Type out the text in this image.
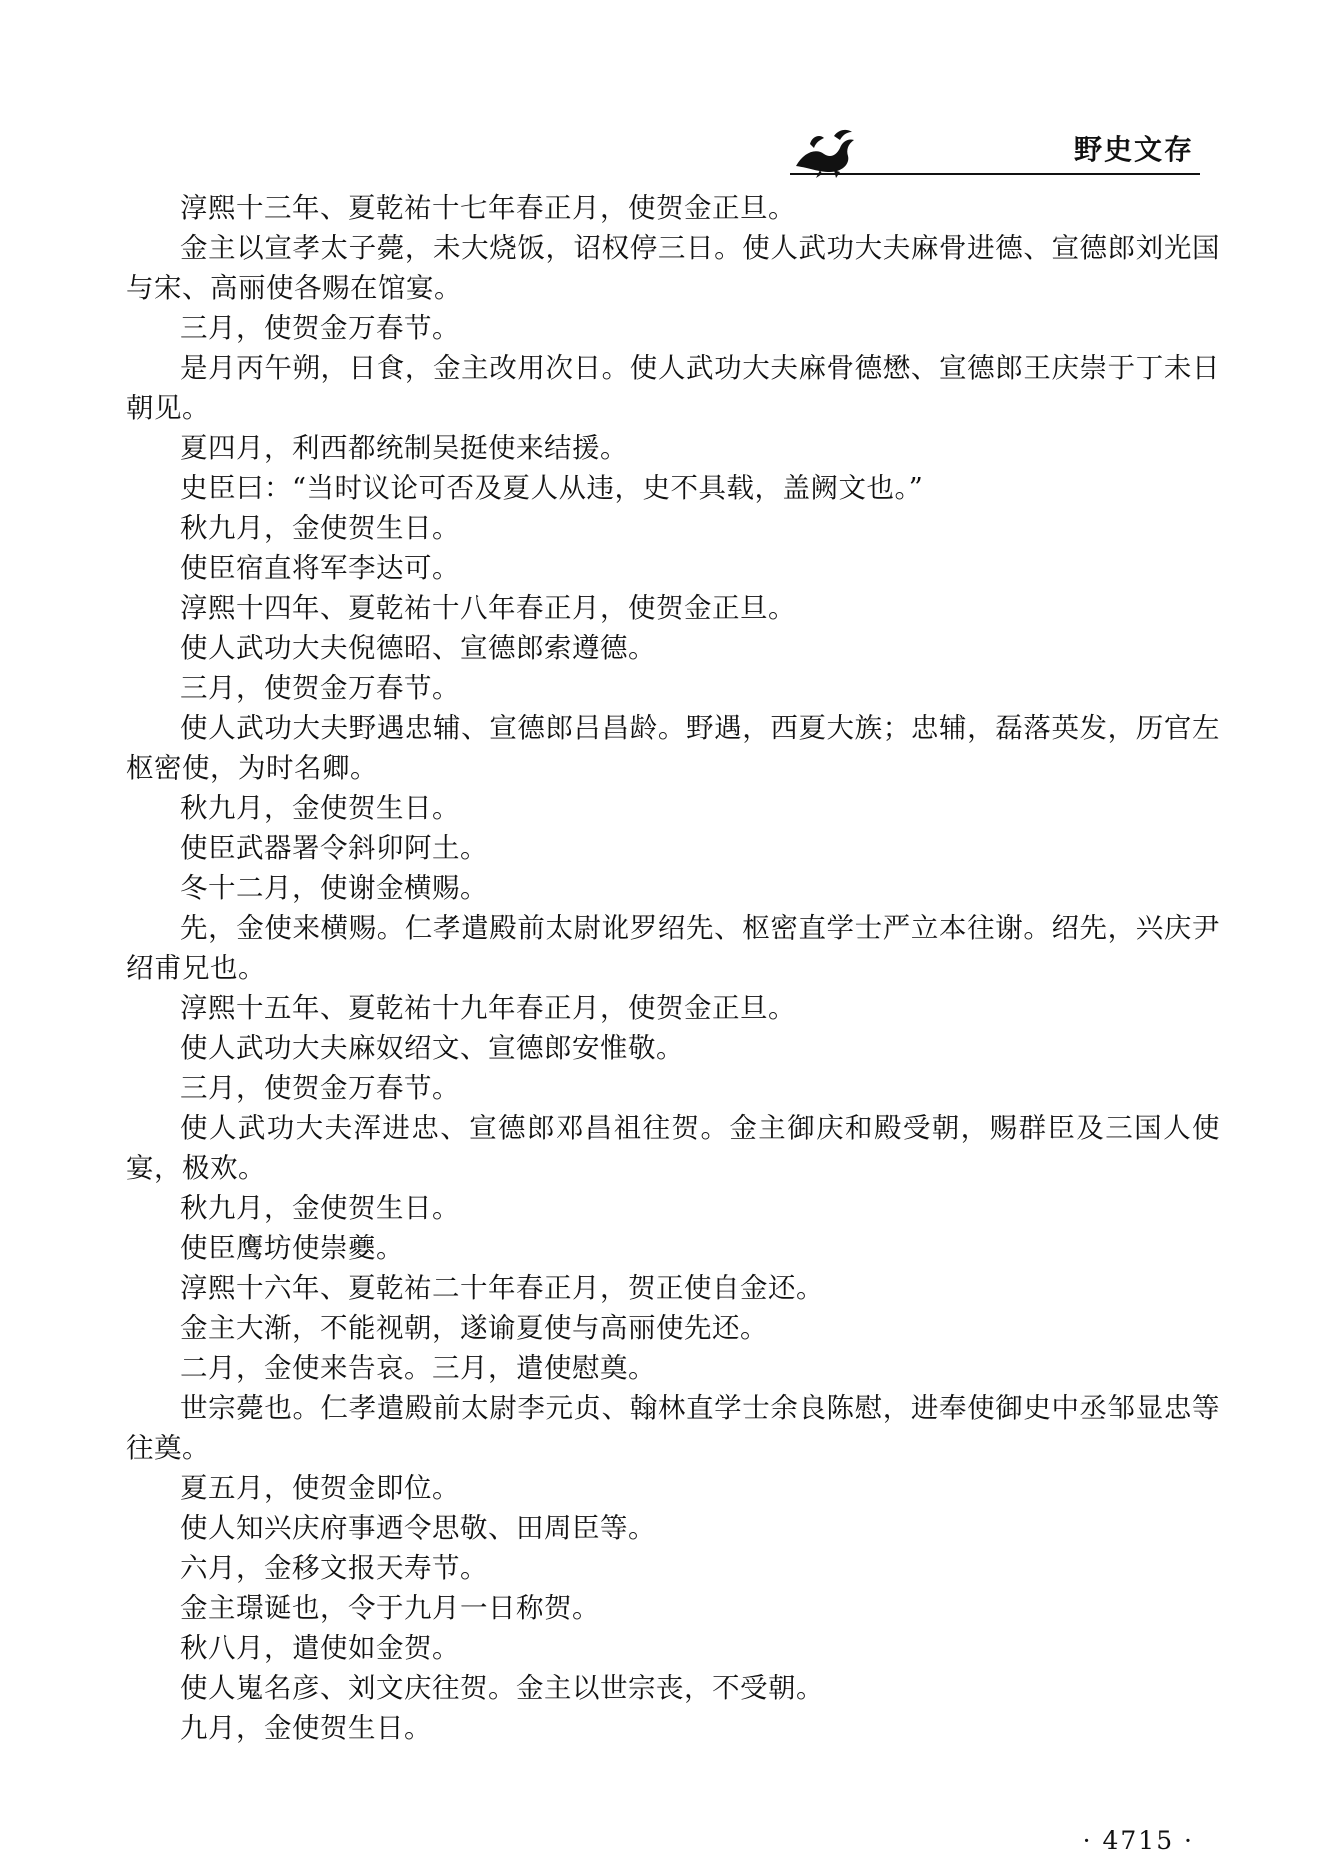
野史文存

淳熙十三年、夏乾祐十七年春正月，使贺金正旦。

金主以宣孝太子薨，未大烧饭，诏权停三日。使人武功大夫麻骨进德、宣德郎刘光国与宋、高丽使各赐在馆宴。

三月，使贺金万春节。

是月丙午朔，日食，金主改用次日。使人武功大夫麻骨德懋、宣德郎王庆崇于丁未日朝见。

夏四月，利西都统制吴挺使来结援。

史臣曰：“当时议论可否及夏人从违，史不具载，盖阙文也。”

秋九月，金使贺生日。

使臣宿直将军李达可。

淳熙十四年、夏乾祐十八年春正月，使贺金正旦。

使人武功大夫倪德昭、宣德郎索遵德。

三月，使贺金万春节。

使人武功大夫野遇忠辅、宣德郎吕昌龄。野遇，西夏大族；忠辅，磊落英发，历官左枢密使，为时名卿。

秋九月，金使贺生日。

使臣武器署令斜卯阿土。

冬十二月，使谢金横赐。

先，金使来横赐。仁孝遣殿前太尉讹罗绍先、枢密直学士严立本往谢。绍先，兴庆尹绍甫兄也。

淳熙十五年、夏乾祐十九年春正月，使贺金正旦。

使人武功大夫麻奴绍文、宣德郎安惟敬。

三月，使贺金万春节。

使人武功大夫浑进忠、宣德郎邓昌祖往贺。金主御庆和殿受朝，赐群臣及三国人使宴，极欢。

秋九月，金使贺生日。

使臣鹰坊使崇夔。

淳熙十六年、夏乾祐二十年春正月，贺正使自金还。

金主大渐，不能视朝，遂谕夏使与高丽使先还。

二月，金使来告哀。三月，遣使慰奠。

世宗薨也。仁孝遣殿前太尉李元贞、翰林直学士余良陈慰，进奉使御史中丞邹显忠等往奠。

夏五月，使贺金即位。

使人知兴庆府事迺令思敬、田周臣等。

六月，金移文报天寿节。

金主璟诞也，令于九月一日称贺。

秋八月，遣使如金贺。

使人嵬名彦、刘文庆往贺。金主以世宗丧，不受朝。

九月，金使贺生日。

· 4715 ·
